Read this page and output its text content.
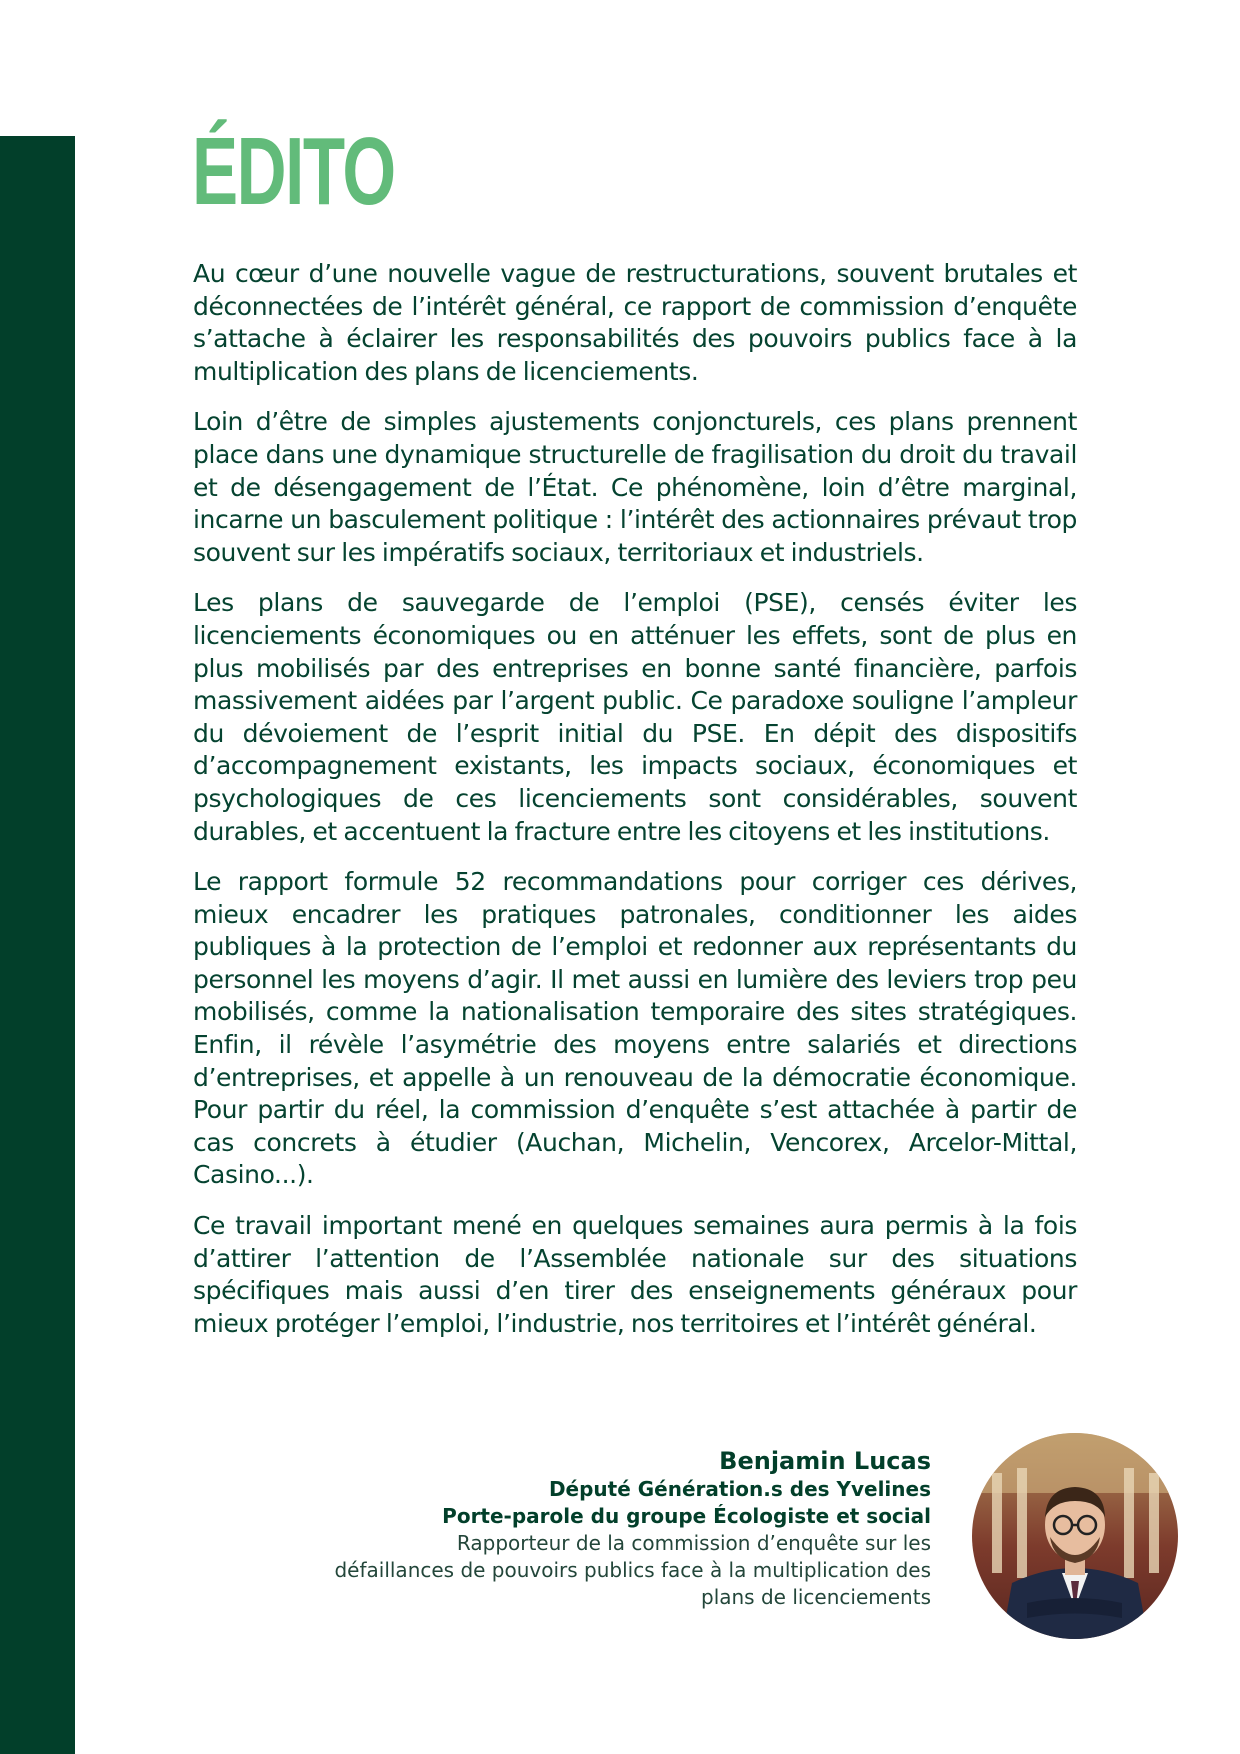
ÉDITO

Au cœur d’une nouvelle vague de restructurations, souvent brutales et déconnectées de l’intérêt général, ce rapport de commission d’enquête s’attache à éclairer les responsabilités des pouvoirs publics face à la multiplication des plans de licenciements.

Loin d’être de simples ajustements conjoncturels, ces plans prennent place dans une dynamique structurelle de fragilisation du droit du travail et de désengagement de l’État. Ce phénomène, loin d’être marginal, incarne un basculement politique : l’intérêt des actionnaires prévaut trop souvent sur les impératifs sociaux, territoriaux et industriels.

Les plans de sauvegarde de l’emploi (PSE), censés éviter les licenciements économiques ou en atténuer les effets, sont de plus en plus mobilisés par des entreprises en bonne santé financière, parfois massivement aidées par l’argent public. Ce paradoxe souligne l’ampleur du dévoiement de l’esprit initial du PSE. En dépit des dispositifs d’accompagnement existants, les impacts sociaux, économiques et psychologiques de ces licenciements sont considérables, souvent durables, et accentuent la fracture entre les citoyens et les institutions.

Le rapport formule 52 recommandations pour corriger ces dérives, mieux encadrer les pratiques patronales, conditionner les aides publiques à la protection de l’emploi et redonner aux représentants du personnel les moyens d’agir. Il met aussi en lumière des leviers trop peu mobilisés, comme la nationalisation temporaire des sites stratégiques. Enfin, il révèle l’asymétrie des moyens entre salariés et directions d’entreprises, et appelle à un renouveau de la démocratie économique. Pour partir du réel, la commission d’enquête s’est attachée à partir de cas concrets à étudier (Auchan, Michelin, Vencorex, Arcelor-Mittal, Casino...).

Ce travail important mené en quelques semaines aura permis à la fois d’attirer l’attention de l’Assemblée nationale sur des situations spécifiques mais aussi d’en tirer des enseignements généraux pour mieux protéger l’emploi, l’industrie, nos territoires et l’intérêt général.

Benjamin Lucas
Député Génération.s des Yvelines
Porte-parole du groupe Écologiste et social
Rapporteur de la commission d’enquête sur les défaillances de pouvoirs publics face à la multiplication des plans de licenciements
